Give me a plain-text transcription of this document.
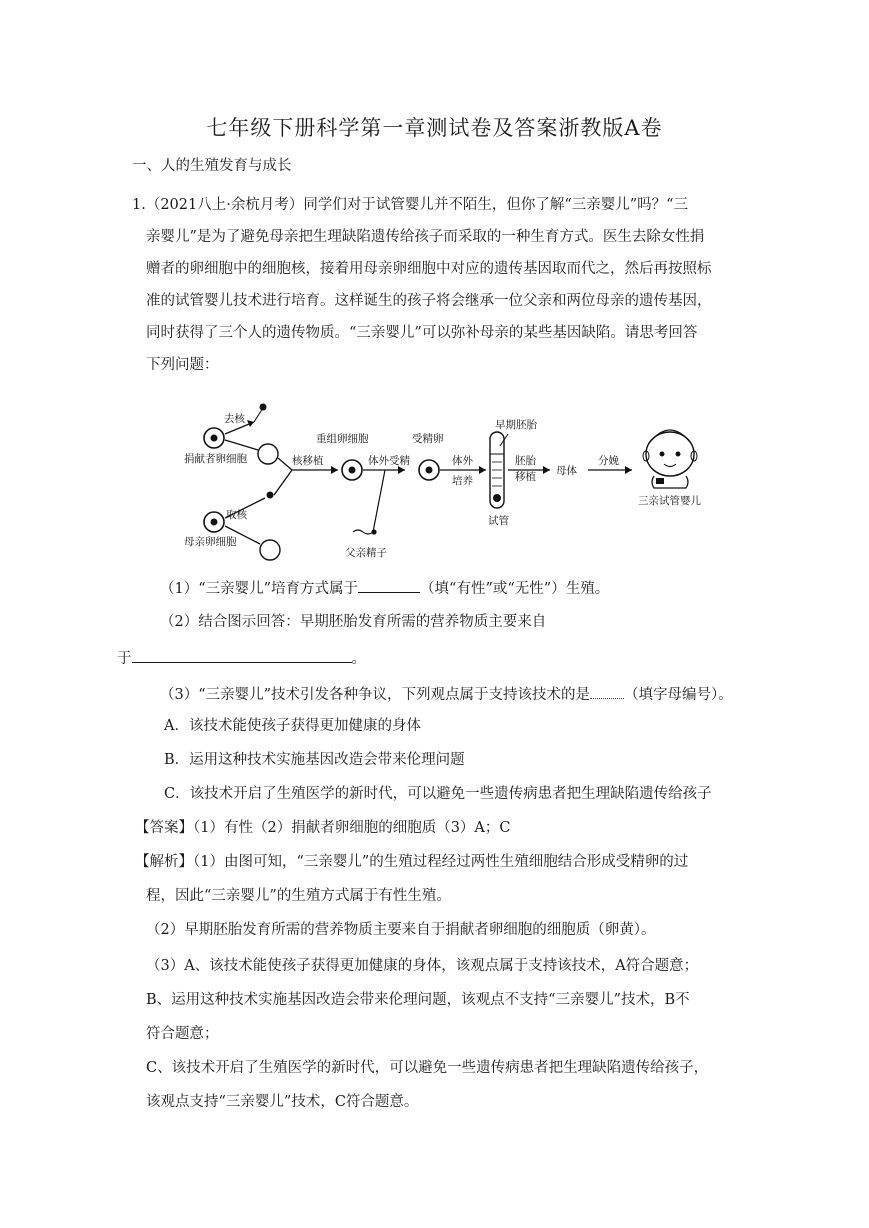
七年级下册科学第一章测试卷及答案浙教版A卷
一、人的生殖发育与成长
1.（2021八上·余杭月考）同学们对于试管婴儿并不陌生，但你了解“三亲婴儿”吗？“三
亲婴儿”是为了避免母亲把生理缺陷遗传给孩子而采取的一种生育方式。医生去除女性捐
赠者的卵细胞中的细胞核，接着用母亲卵细胞中对应的遗传基因取而代之，然后再按照标
准的试管婴儿技术进行培育。这样诞生的孩子将会继承一位父亲和两位母亲的遗传基因，
同时获得了三个人的遗传物质。“三亲婴儿”可以弥补母亲的某些基因缺陷。请思考回答
下列问题：
捐献者卵细胞
去核
母亲卵细胞
取核
核移植
重组卵细胞
体外受精
父亲精子
受精卵
体外
培养
试管
早期胚胎
胚胎
移植 母体
分娩
三亲试管婴儿
（1）“三亲婴儿”培育方式属于	（填“有性”或“无性”）生殖。
（2）结合图示回答：早期胚胎发育所需的营养物质主要来自
于	。
（3）“三亲婴儿”技术引发各种争议，下列观点属于支持该技术的是 （填字母编号）。
A．该技术能使孩子获得更加健康的身体
B．运用这种技术实施基因改造会带来伦理问题
C．该技术开启了生殖医学的新时代，可以避免一些遗传病患者把生理缺陷遗传给孩子
【答案】（1）有性（2）捐献者卵细胞的细胞质（3）A；C
【解析】（1）由图可知，“三亲婴儿”的生殖过程经过两性生殖细胞结合形成受精卵的过
程，因此“三亲婴儿”的生殖方式属于有性生殖。
（2）早期胚胎发育所需的营养物质主要来自于捐献者卵细胞的细胞质（卵黄）。
（3）A、该技术能使孩子获得更加健康的身体，该观点属于支持该技术，A符合题意；
B、运用这种技术实施基因改造会带来伦理问题，该观点不支持“三亲婴儿”技术，B不
符合题意；
C、该技术开启了生殖医学的新时代，可以避免一些遗传病患者把生理缺陷遗传给孩子，
该观点支持“三亲婴儿”技术，C符合题意。
